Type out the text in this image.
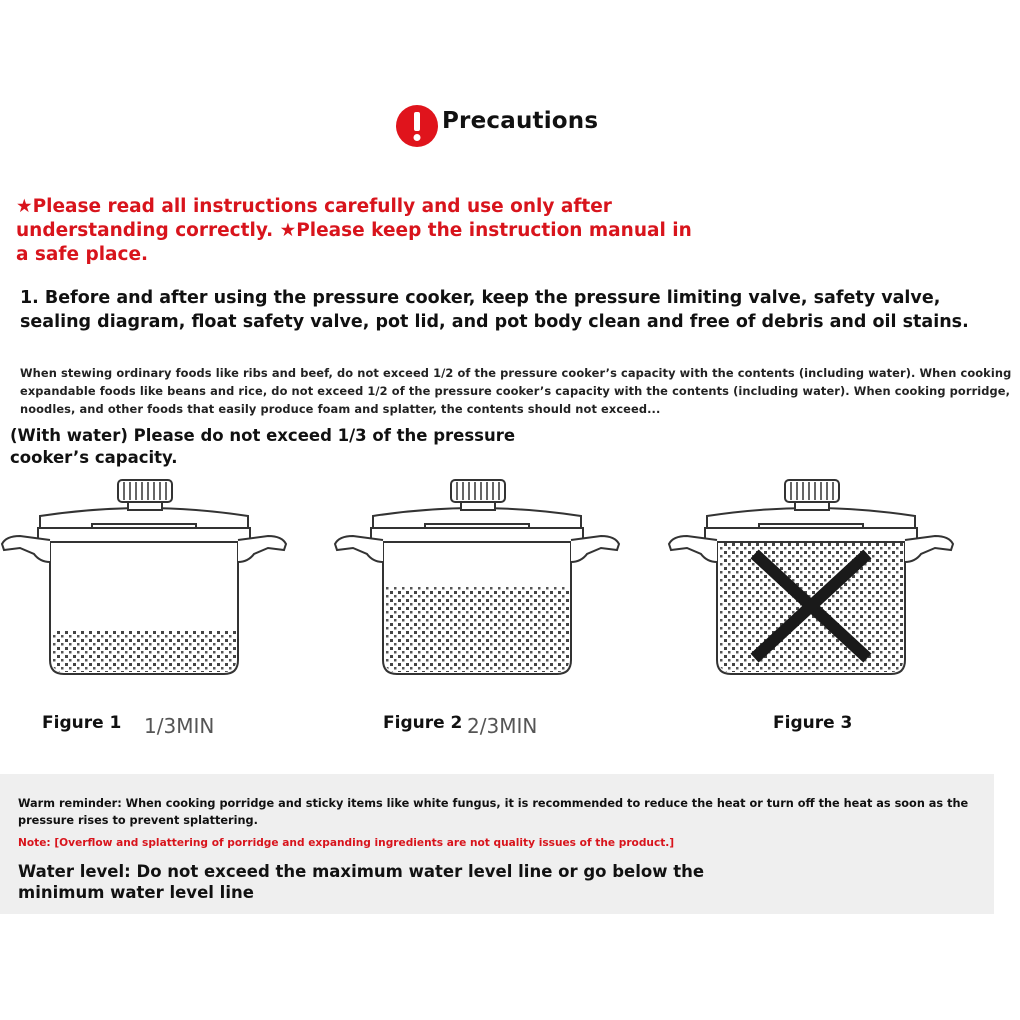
Precautions
★Please read all instructions carefully and use only after understanding correctly. ★Please keep the instruction manual in a safe place.
1. Before and after using the pressure cooker, keep the pressure limiting valve, safety valve, sealing diagram, float safety valve, pot lid, and pot body clean and free of debris and oil stains.
When stewing ordinary foods like ribs and beef, do not exceed 1/2 of the pressure cooker’s capacity with the contents (including water). When cooking expandable foods like beans and rice, do not exceed 1/2 of the pressure cooker’s capacity with the contents (including water). When cooking porridge, noodles, and other foods that easily produce foam and splatter, the contents should not exceed...
(With water) Please do not exceed 1/3 of the pressure cooker’s capacity.
Figure 1 1/3MIN	Figure 2 2/3MIN	Figure 3
Warm reminder: When cooking porridge and sticky items like white fungus, it is recommended to reduce the heat or turn off the heat as soon as the pressure rises to prevent splattering.
Note: [Overflow and splattering of porridge and expanding ingredients are not quality issues of the product.]
Water level: Do not exceed the maximum water level line or go below the minimum water level line
